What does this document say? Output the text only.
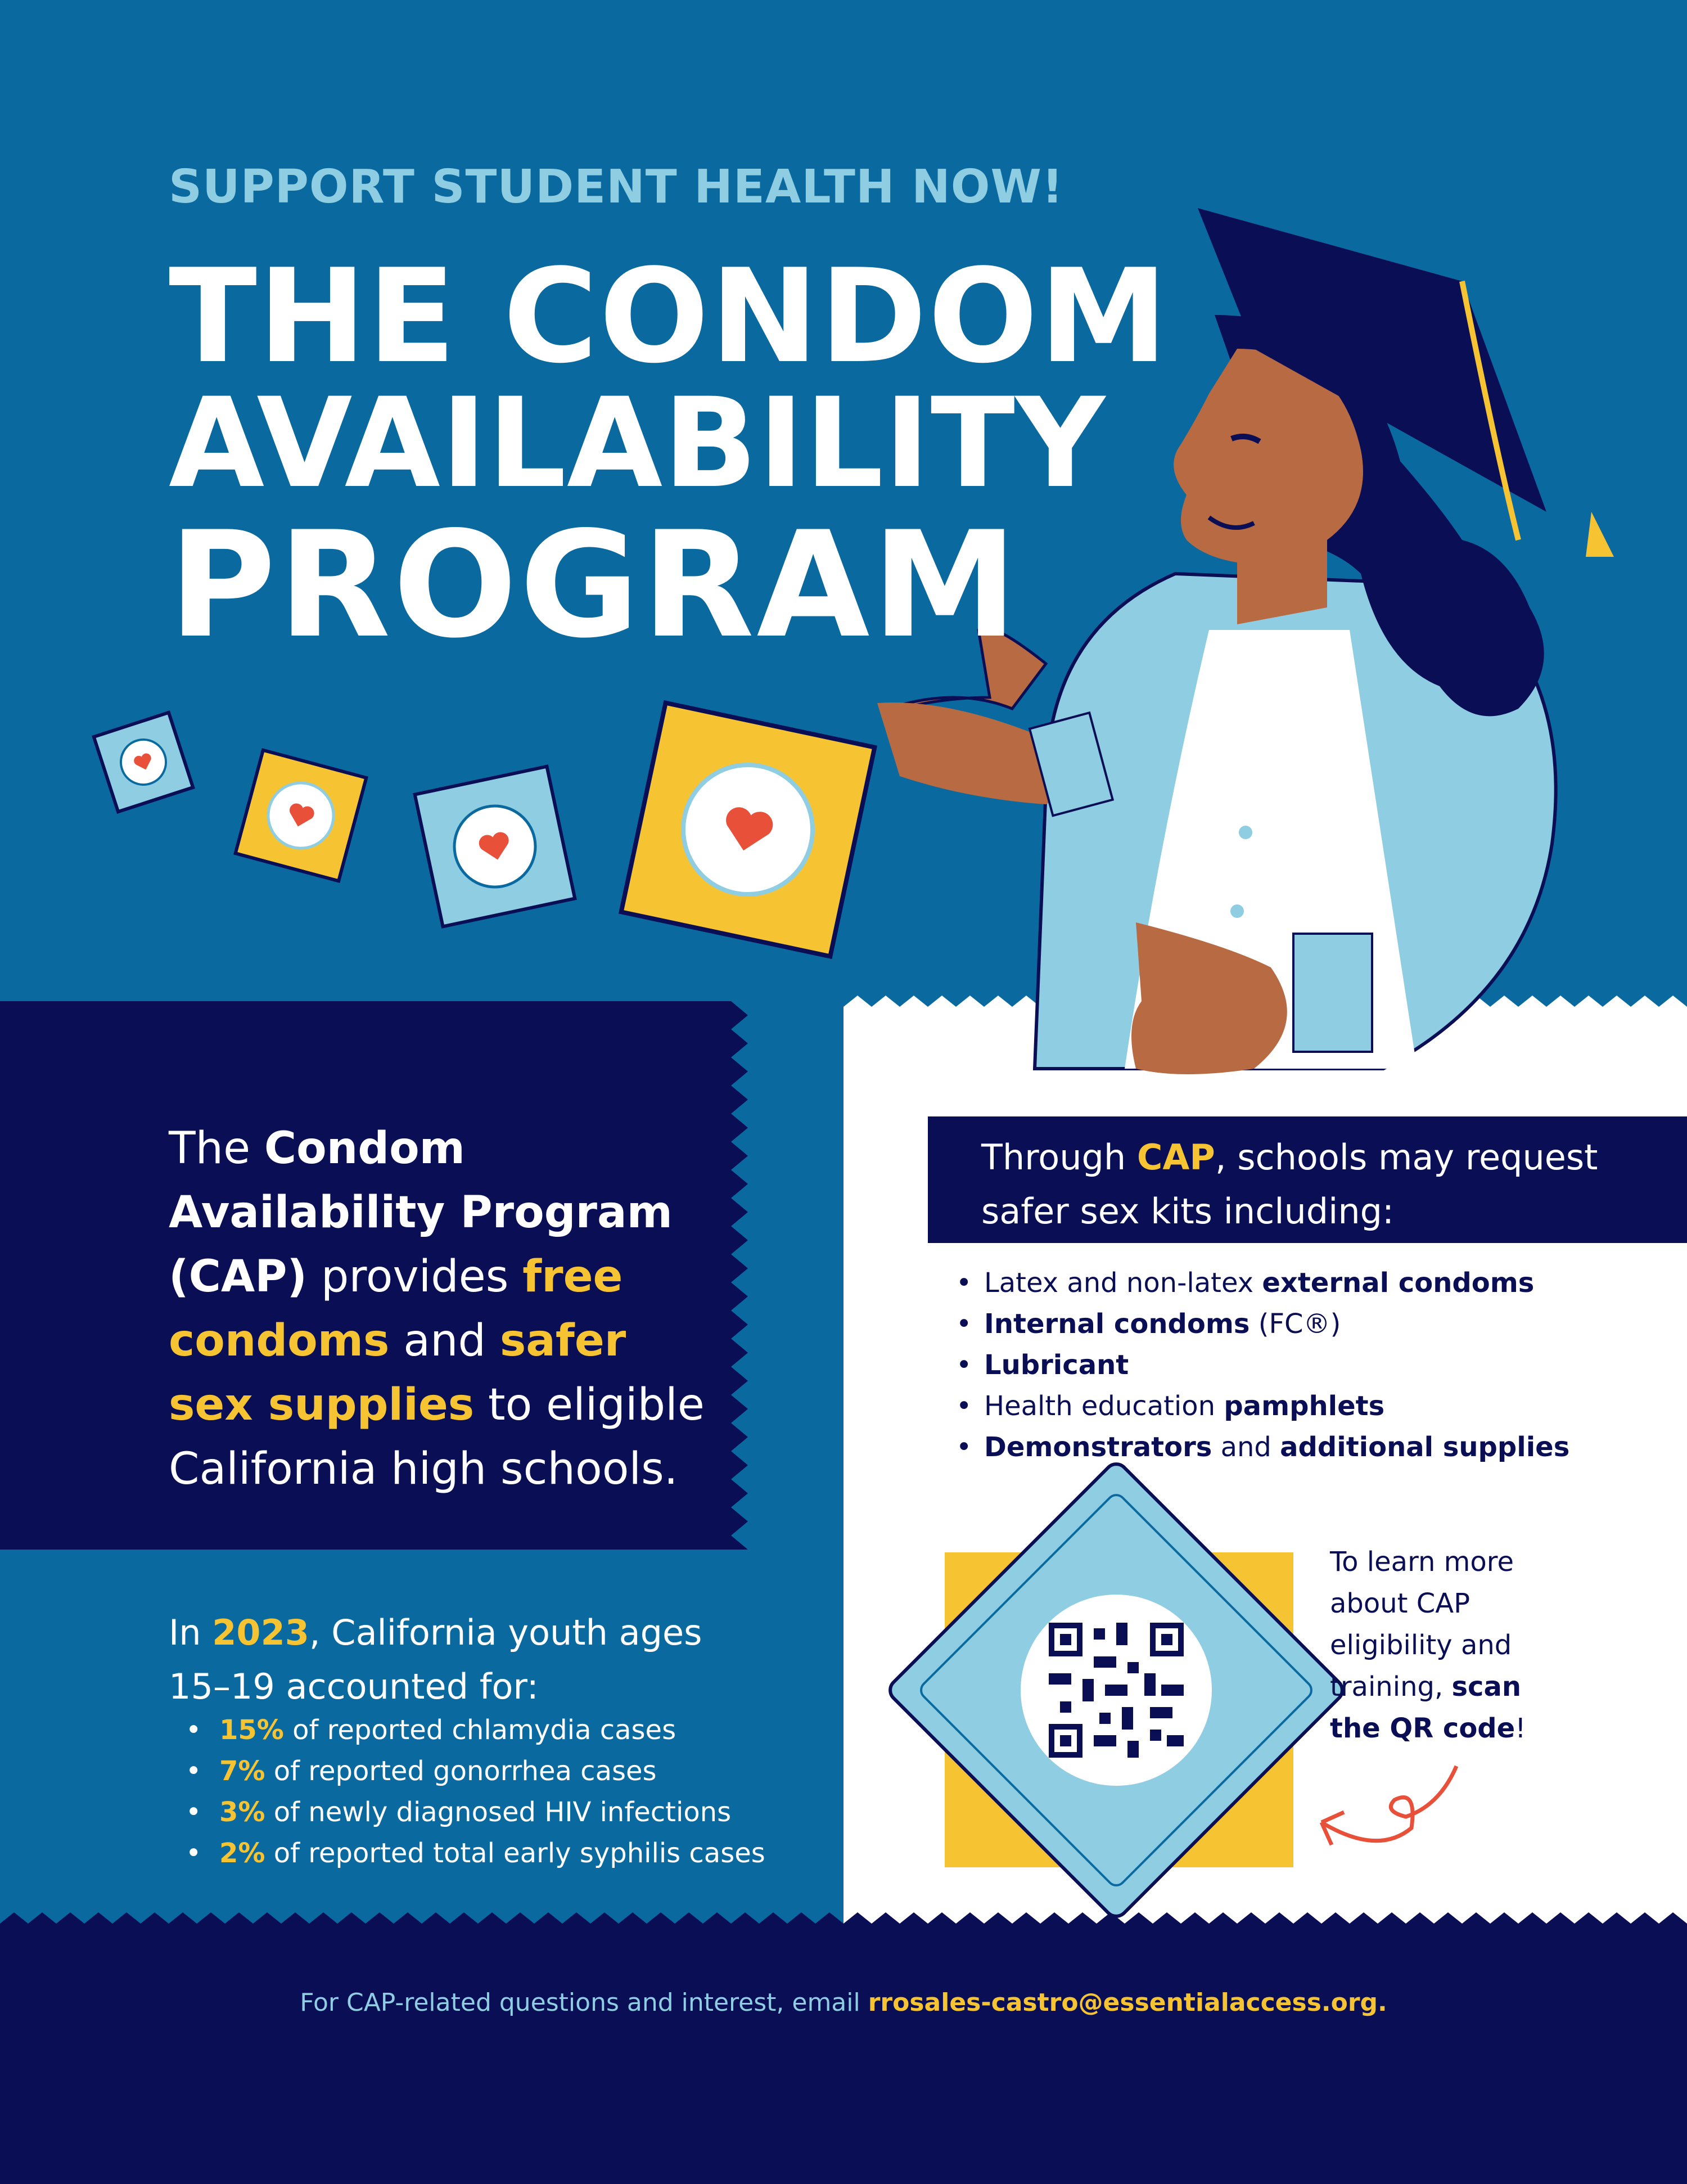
SUPPORT STUDENT HEALTH NOW!
THE CONDOM
AVAILABILITY
PROGRAM
The Condom Availability Program (CAP) provides free condoms and safer sex supplies to eligible California high schools.
In 2023, California youth ages 15–19 accounted for:
• 15% of reported chlamydia cases
• 7% of reported gonorrhea cases
• 3% of newly diagnosed HIV infections
• 2% of reported total early syphilis cases
Through CAP, schools may request safer sex kits including:
• Latex and non-latex external condoms
• Internal condoms (FC®)
• Lubricant
• Health education pamphlets
• Demonstrators and additional supplies
To learn more about CAP eligibility and training, scan the QR code!
For CAP-related questions and interest, email rrosales-castro@essentialaccess.org.
